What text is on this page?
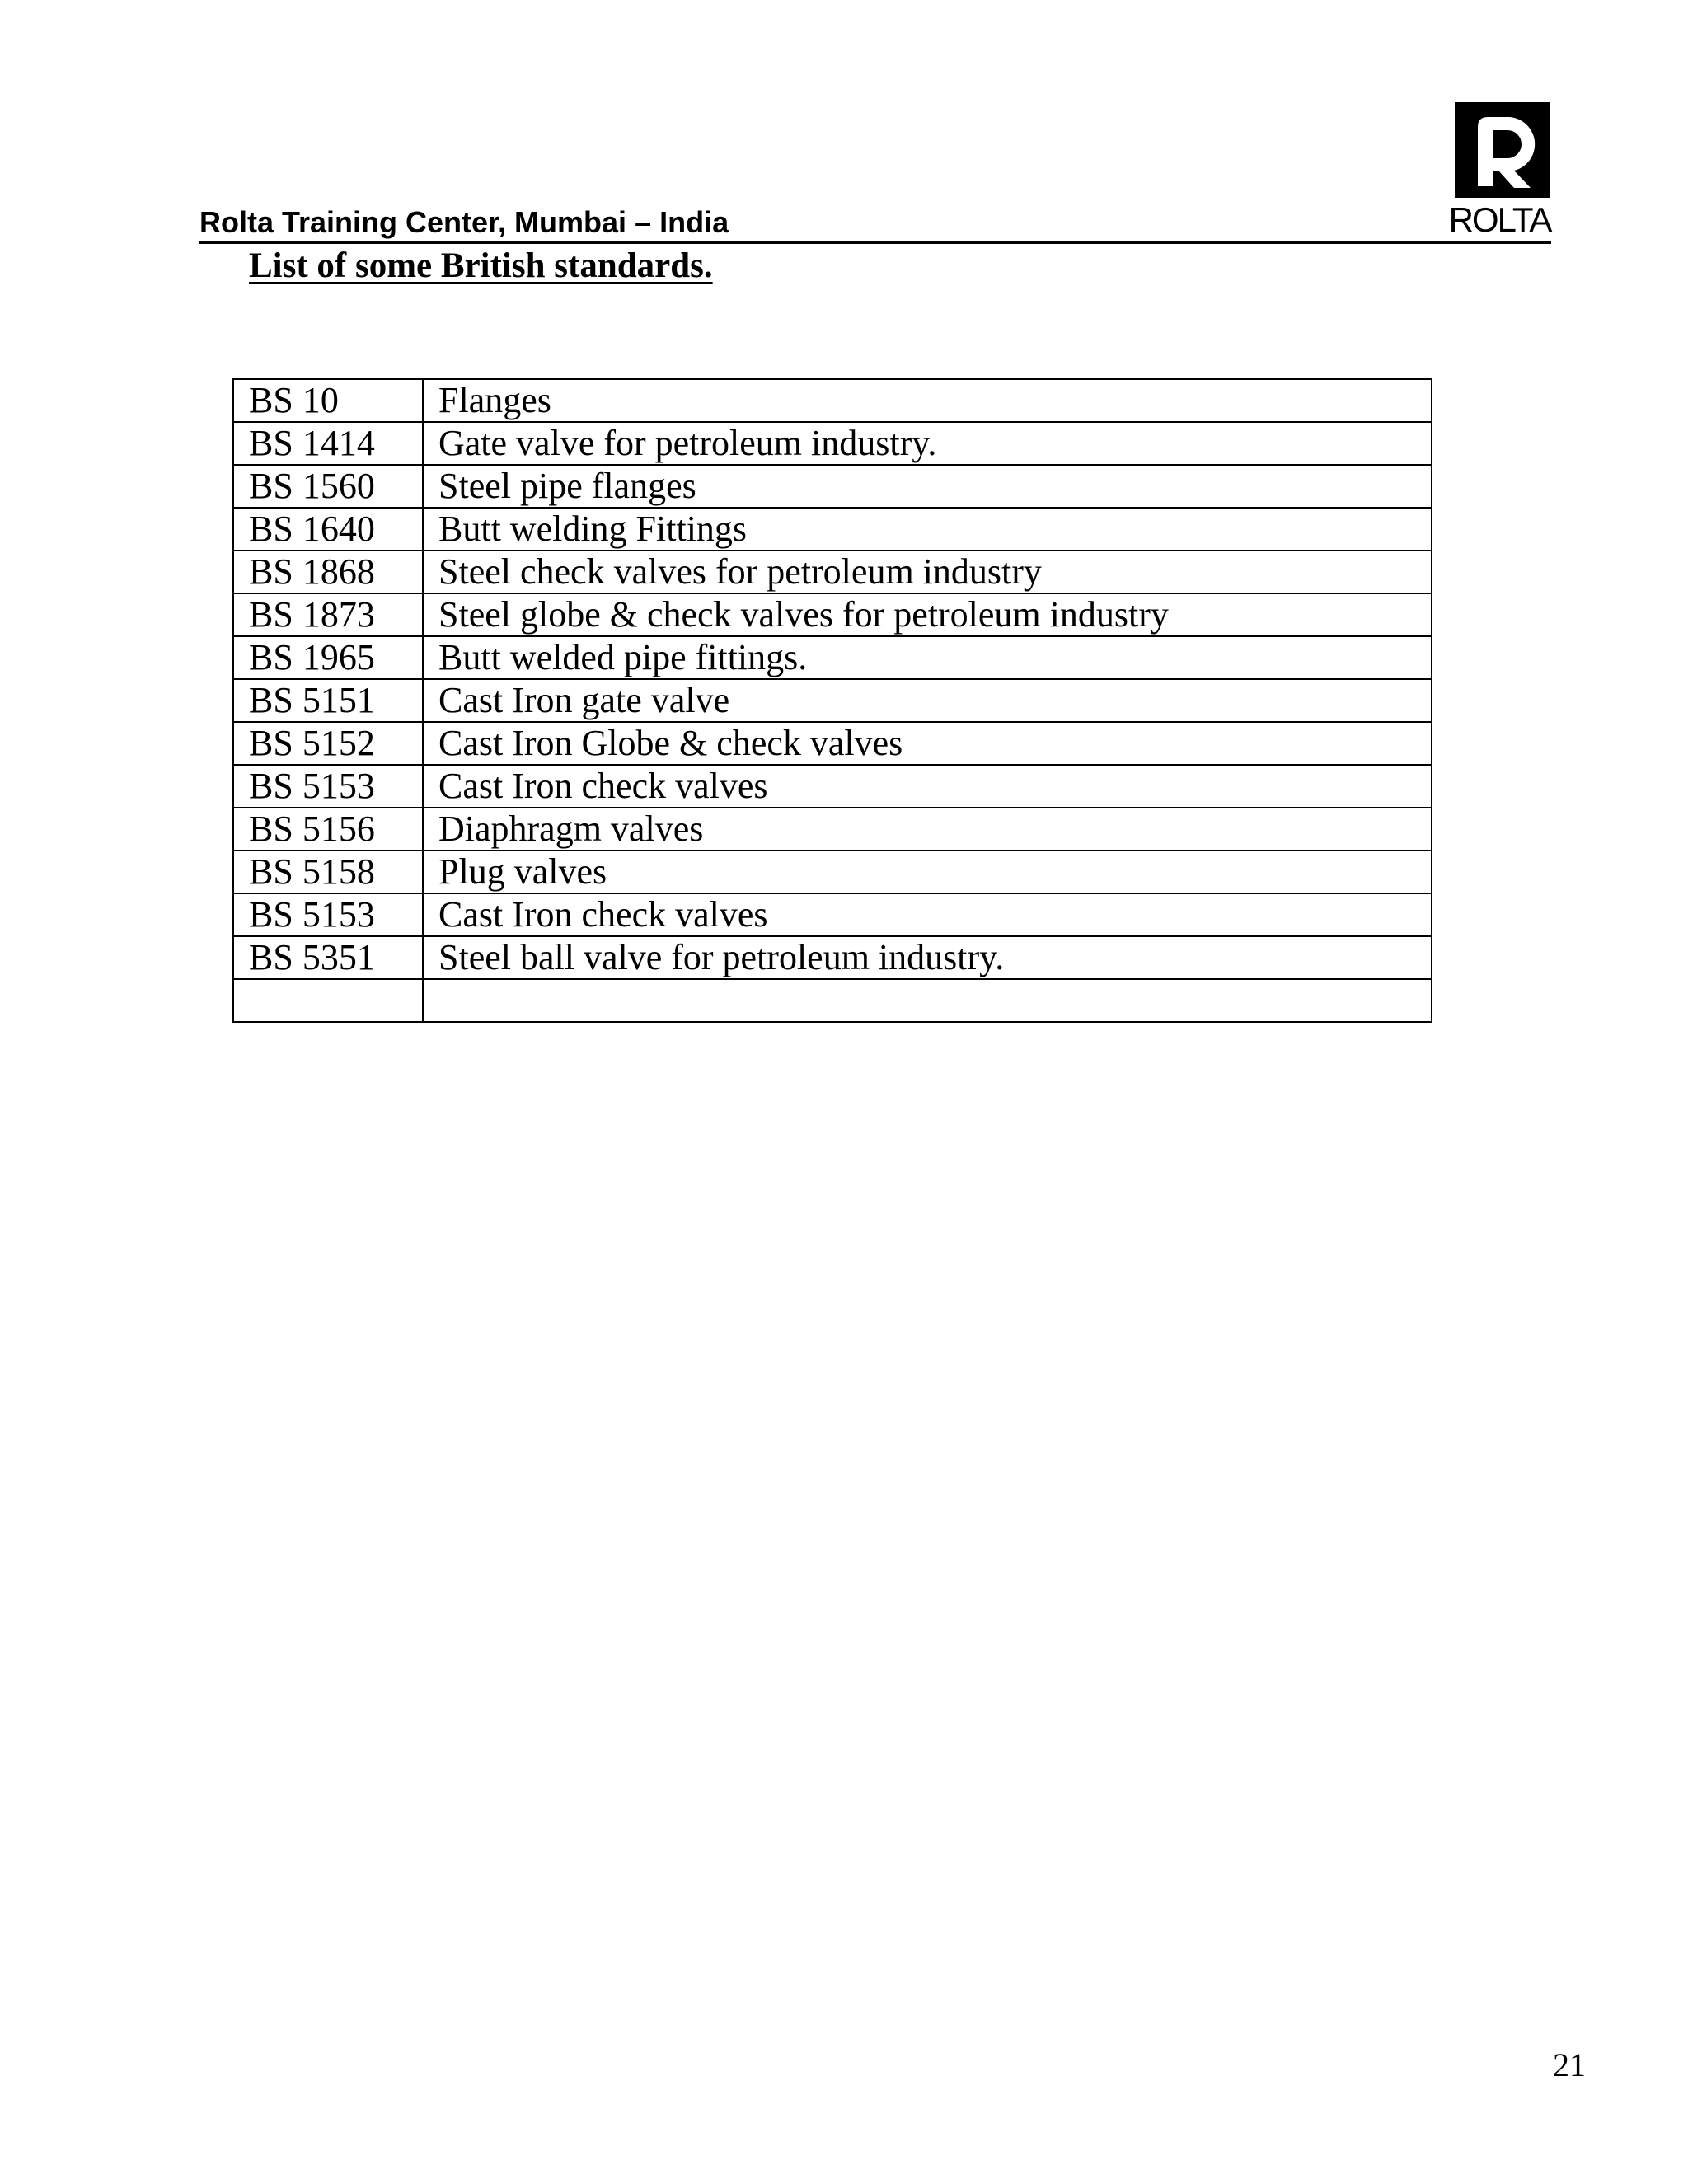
Rolta Training Center, Mumbai – India	ROLTA
List of some British standards.
BS 10	Flanges
BS 1414	Gate valve for petroleum industry.
BS 1560	Steel pipe flanges
BS 1640	Butt welding Fittings
BS 1868	Steel check valves for petroleum industry
BS 1873	Steel globe & check valves for petroleum industry
BS 1965	Butt welded pipe fittings.
BS 5151	Cast Iron gate valve
BS 5152	Cast Iron Globe & check valves
BS 5153	Cast Iron check valves
BS 5156	Diaphragm valves
BS 5158	Plug valves
BS 5153	Cast Iron check valves
BS 5351	Steel ball valve for petroleum industry.

21
